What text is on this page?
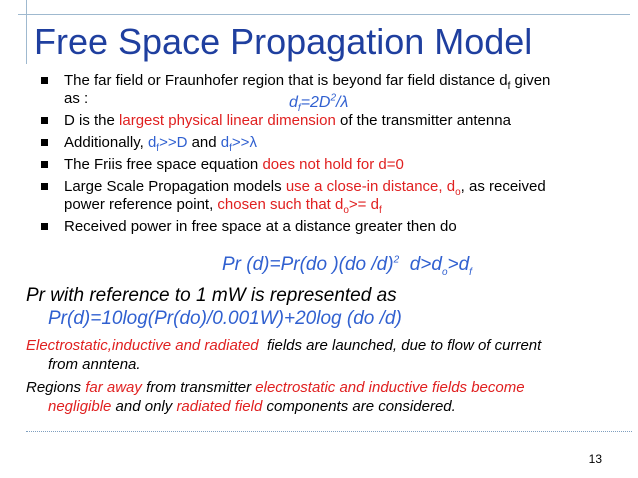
Free Space Propagation Model
The far field or Fraunhofer region that is beyond far field distance $d_f$ given
as :
D is the largest physical linear dimension of the transmitter antenna
Additionally, $d_f>>D$ and $d_f>>\lambda$
The Friis free space equation does not hold for d=0
Large Scale Propagation models use a close-in distance, $d_o$, as received
power reference point, chosen such that $d_o>= d_f$
Received power in free space at a distance greater then do
$d_f=2D^2/\lambda$
Pr (d)=Pr(do )(do /d)$^2$  $d>d_o>d_f$
Pr with reference to 1 mW is represented as
Pr(d)=10log(Pr(do)/0.001W)+20log (do /d)
Electrostatic,inductive and radiated  fields are launched, due to flow of current
from anntena.
Regions far away from transmitter electrostatic and inductive fields become
negligible and only radiated field components are considered.
13
